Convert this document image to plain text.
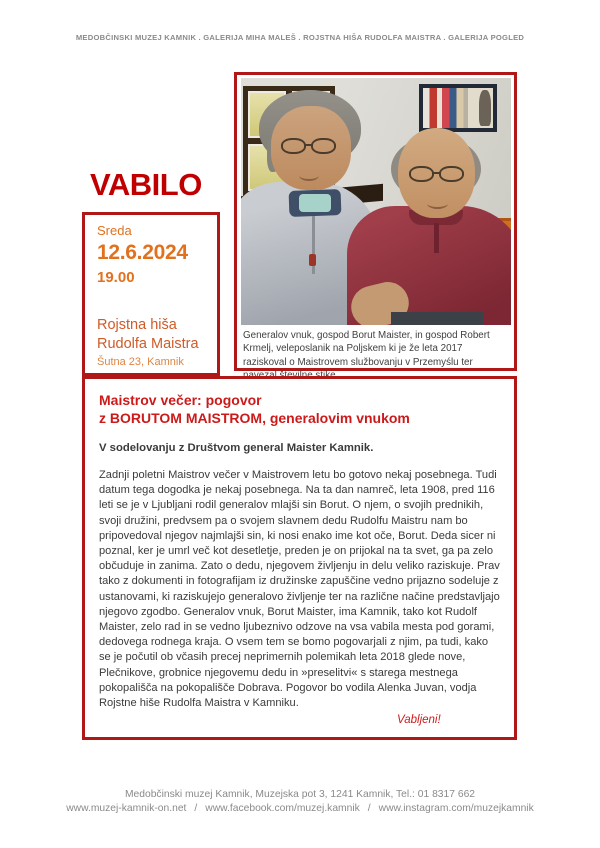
MEDOBČINSKI MUZEJ KAMNIK . GALERIJA MIHA MALEŠ . ROJSTNA HIŠA RUDOLFA MAISTRA . GALERIJA POGLED
VABILO
Sreda
12.6.2024
19.00
Rojstna hiša
Rudolfa Maistra
Šutna 23, Kamnik
Generalov vnuk, gospod Borut Maister, in gospod Robert Krmelj, veleposlanik na Poljskem ki je že leta 2017 raziskoval o Maistrovem službovanju v Przemyślu ter navezal številne stike.
Maistrov večer: pogovor
z BORUTOM MAISTROM, generalovim vnukom
V sodelovanju z Društvom general Maister Kamnik.
Zadnji poletni Maistrov večer v Maistrovem letu bo gotovo nekaj posebnega. Tudi datum tega dogodka je nekaj posebnega. Na ta dan namreč, leta 1908, pred 116 leti se je v Ljubljani rodil generalov mlajši sin Borut. O njem, o svojih prednikih, svoji družini, predvsem pa o svojem slavnem dedu Rudolfu Maistru nam bo pripovedoval njegov najmlajši sin, ki nosi enako ime kot oče, Borut. Deda sicer ni poznal, ker je umrl več kot desetletje, preden je on prijokal na ta svet, ga pa zelo občuduje in zanima. Zato o dedu, njegovem življenju in delu veliko raziskuje. Prav tako z dokumenti in fotografijam iz družinske zapuščine vedno prijazno sodeluje z ustanovami, ki raziskujejo generalovo življenje ter na različne načine predstavljajo njegovo zgodbo. Generalov vnuk, Borut Maister, ima Kamnik, tako kot Rudolf Maister, zelo rad in se vedno ljubeznivo odzove na vsa vabila mesta pod gorami, dedovega rodnega kraja. O vsem tem se bomo pogovarjali z njim, pa tudi, kako se je počutil ob včasih precej neprimernih polemikah leta 2018 glede nove, Plečnikove, grobnice njegovemu dedu in »preselitvi« s starega mestnega pokopališča na pokopališče Dobrava. Pogovor bo vodila Alenka Juvan, vodja Rojstne hiše Rudolfa Maistra v Kamniku.
Vabljeni!
Medobčinski muzej Kamnik, Muzejska pot 3, 1241 Kamnik, Tel.: 01 8317 662
www.muzej-kamnik-on.net / www.facebook.com/muzej.kamnik / www.instagram.com/muzejkamnik
